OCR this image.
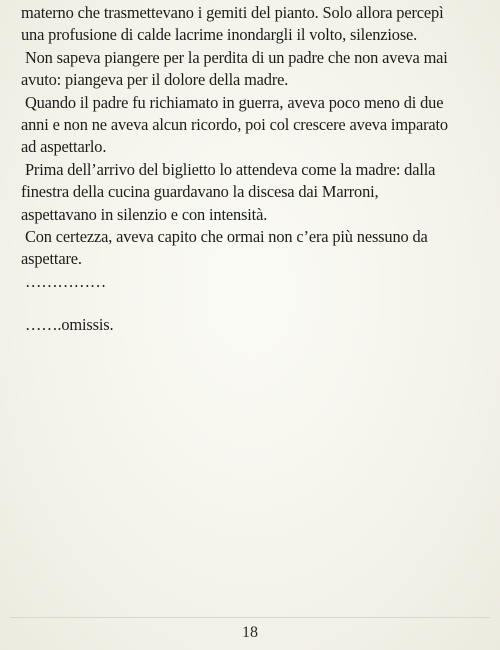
materno che trasmettevano i gemiti del pianto. Solo allora percepì

una profusione di calde lacrime inondargli il volto, silenziose.

Non sapeva piangere per la perdita di un padre che non aveva mai

avuto: piangeva per il dolore della madre.

Quando il padre fu richiamato in guerra, aveva poco meno di due

anni e non ne aveva alcun ricordo, poi col crescere aveva imparato

ad aspettarlo.

Prima dell’arrivo del biglietto lo attendeva come la madre: dalla

finestra della cucina guardavano la discesa dai Marroni,

aspettavano in silenzio e con intensità.

Con certezza, aveva capito che ormai non c’era più nessuno da

aspettare.

……………

…….omissis.

18
